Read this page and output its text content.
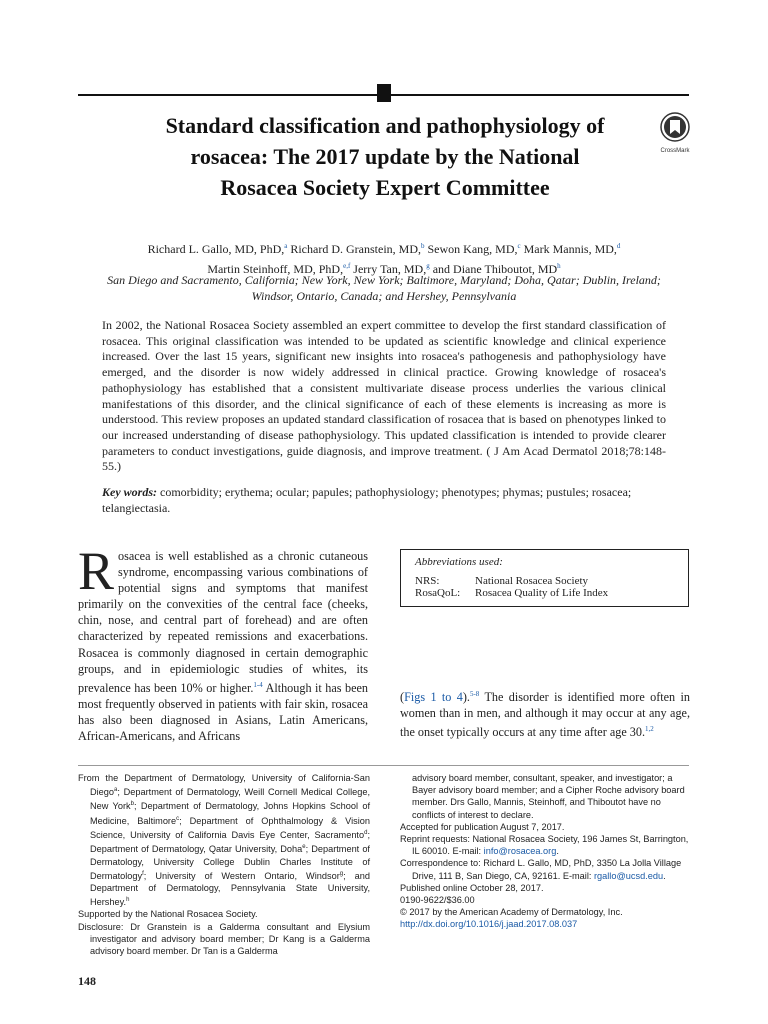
Standard classification and pathophysiology of rosacea: The 2017 update by the National Rosacea Society Expert Committee
CrossMark
Richard L. Gallo, MD, PhD,$^a$ Richard D. Granstein, MD,$^b$ Sewon Kang, MD,$^c$ Mark Mannis, MD,$^d$
Martin Steinhoff, MD, PhD,$^{e,f}$ Jerry Tan, MD,$^g$ and Diane Thiboutot, $MD^h$
San Diego and Sacramento, California; New York, New York; Baltimore, Maryland; Doha, Qatar; Dublin, Ireland; Windsor, Ontario, Canada; and Hershey, Pennsylvania

In 2002, the National Rosacea Society assembled an expert committee to develop the first standard classification of rosacea. This original classification was intended to be updated as scientific knowledge and clinical experience increased. Over the last 15 years, significant new insights into rosacea's pathogenesis and pathophysiology have emerged, and the disorder is now widely addressed in clinical practice. Growing knowledge of rosacea's pathophysiology has established that a consistent multivariate disease process underlies the various clinical manifestations of this disorder, and the clinical significance of each of these elements is increasing as more is understood. This review proposes an updated standard classification of rosacea that is based on phenotypes linked to our increased understanding of disease pathophysiology. This updated classification is intended to provide clearer parameters to conduct investigations, guide diagnosis, and improve treatment. ( J Am Acad Dermatol 2018;78:148-55.)

Key words: comorbidity; erythema; ocular; papules; pathophysiology; phenotypes; phymas; pustules; rosacea; telangiectasia.

Rosacea is well established as a chronic cutaneous syndrome, encompassing various combinations of potential signs and symptoms that manifest primarily on the convexities of the central face (cheeks, chin, nose, and central part of forehead) and are often characterized by repeated remissions and exacerbations. Rosacea is commonly diagnosed in certain demographic groups, and in epidemiologic studies of whites, its prevalence has been 10% or higher.$^{1-4}$ Although it has been most frequently observed in patients with fair skin, rosacea has also been diagnosed in Asians, Latin Americans, African-Americans, and Africans

Abbreviations used:
NRS:	National Rosacea Society
RosaQoL:	Rosacea Quality of Life Index

(Figs 1 to 4).$^{5-8}$ The disorder is identified more often in women than in men, and although it may occur at any age, the onset typically occurs at any time after age 30.$^{1,2}$

From the Department of Dermatology, University of California-San Diego$^a$; Department of Dermatology, Weill Cornell Medical College, New York$^b$; Department of Dermatology, Johns Hopkins School of Medicine, Baltimore$^c$; Department of Ophthalmology & Vision Science, University of California Davis Eye Center, Sacramento$^d$; Department of Dermatology, Qatar University, Doha$^e$; Department of Dermatology, University College Dublin Charles Institute of Dermatology$^f$; University of Western Ontario, Windsor$^g$; and Department of Dermatology, Pennsylvania State University, Hershey.$^h$

Supported by the National Rosacea Society.

Disclosure: Dr Granstein is a Galderma consultant and Elysium investigator and advisory board member; Dr Kang is a Galderma advisory board member. Dr Tan is a Galderma

advisory board member, consultant, speaker, and investigator; a Bayer advisory board member; and a Cipher Roche advisory board member. Drs Gallo, Mannis, Steinhoff, and Thiboutot have no conflicts of interest to declare.

Accepted for publication August 7, 2017.

Reprint requests: National Rosacea Society, 196 James St, Barrington, IL 60010. E-mail: info@rosacea.org.

Correspondence to: Richard L. Gallo, MD, PhD, 3350 La Jolla Village Drive, 111 B, San Diego, CA, 92161. E-mail: rgallo@ucsd.edu.

Published online October 28, 2017.

0190-9622/$36.00

© 2017 by the American Academy of Dermatology, Inc.

http://dx.doi.org/10.1016/j.jaad.2017.08.037

148
